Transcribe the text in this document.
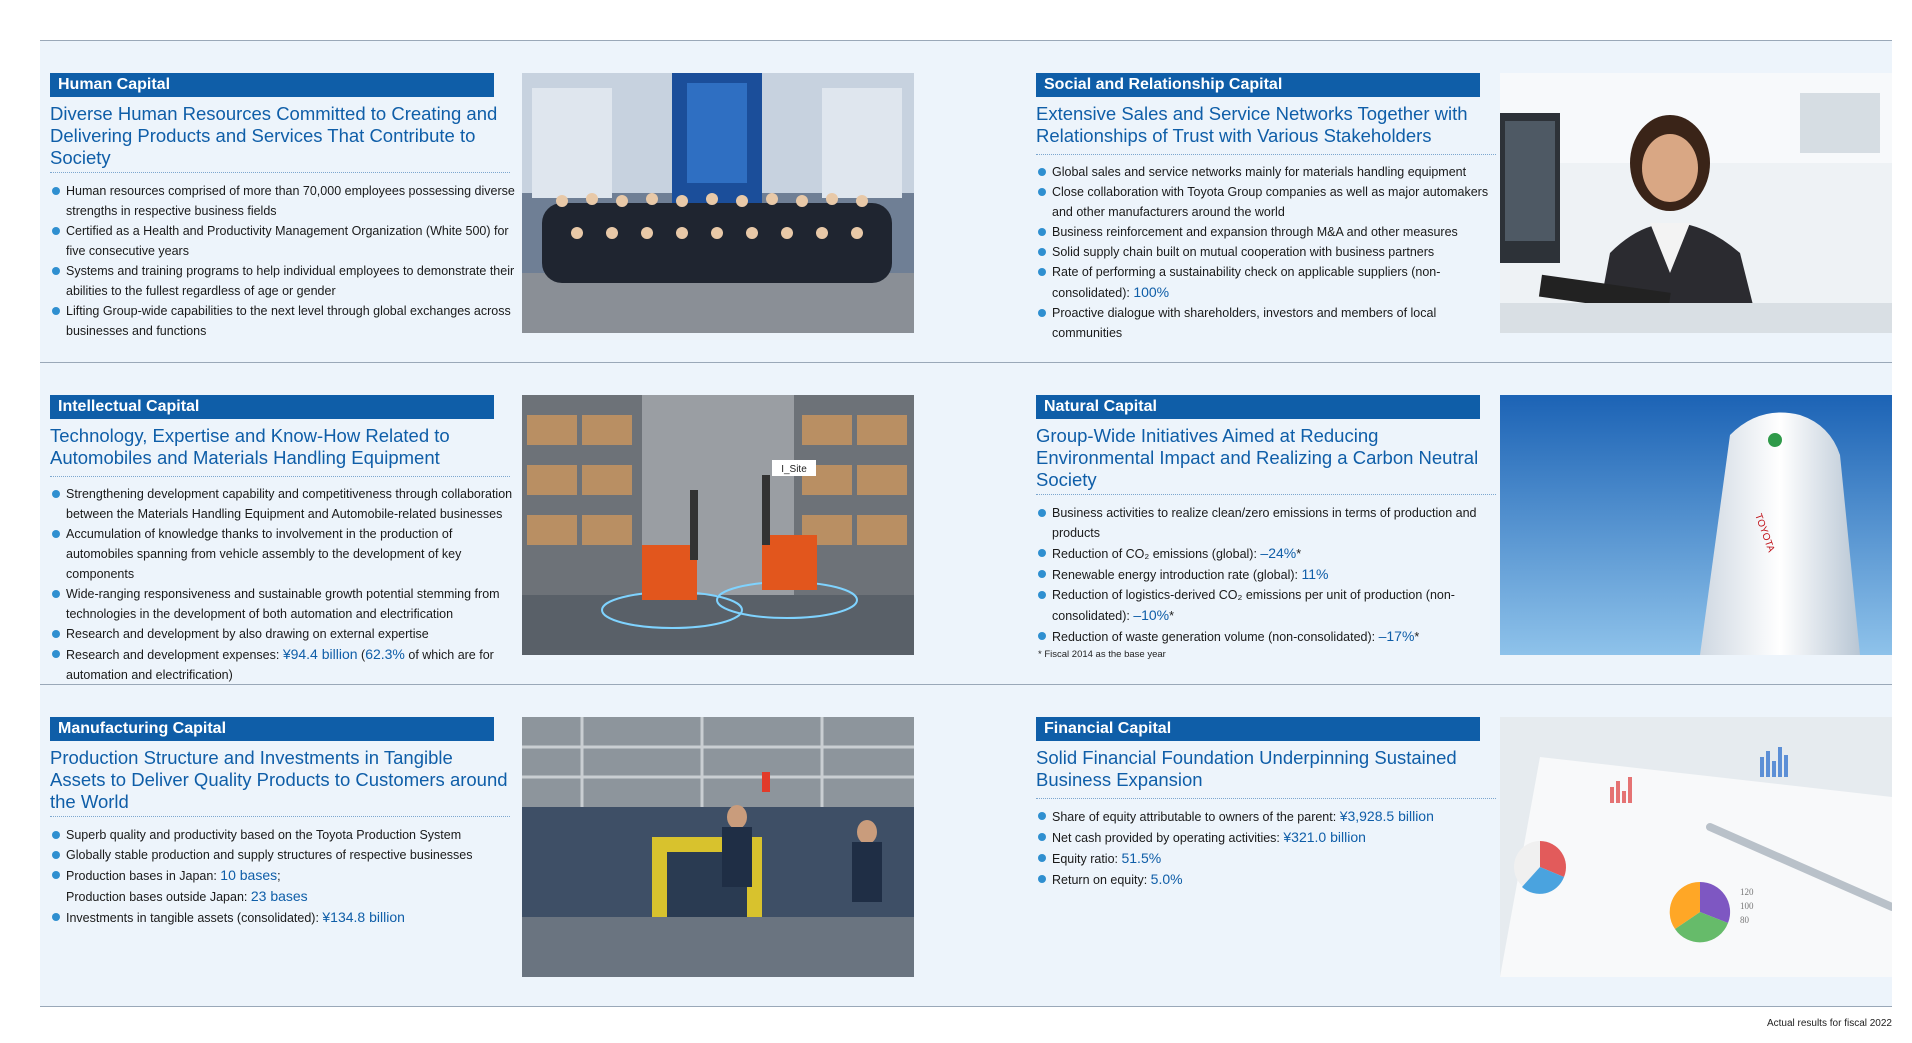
Human Capital
Diverse Human Resources Committed to Creating and Delivering Products and Services That Contribute to Society
Human resources comprised of more than 70,000 employees possessing diverse strengths in respective business fields
Certified as a Health and Productivity Management Organization (White 500) for five consecutive years
Systems and training programs to help individual employees to demonstrate their abilities to the fullest regardless of age or gender
Lifting Group-wide capabilities to the next level through global exchanges across businesses and functions
Social and Relationship Capital
Extensive Sales and Service Networks Together with Relationships of Trust with Various Stakeholders
Global sales and service networks mainly for materials handling equipment
Close collaboration with Toyota Group companies as well as major automakers and other manufacturers around the world
Business reinforcement and expansion through M&A and other measures
Solid supply chain built on mutual cooperation with business partners
Rate of performing a sustainability check on applicable suppliers (non-consolidated): 100%
Proactive dialogue with shareholders, investors and members of local communities
Intellectual Capital
Technology, Expertise and Know-How Related to Automobiles and Materials Handling Equipment
Strengthening development capability and competitiveness through collaboration between the Materials Handling Equipment and Automobile-related businesses
Accumulation of knowledge thanks to involvement in the production of automobiles spanning from vehicle assembly to the development of key components
Wide-ranging responsiveness and sustainable growth potential stemming from technologies in the development of both automation and electrification
Research and development by also drawing on external expertise
Research and development expenses: ¥94.4 billion (62.3% of which are for automation and electrification)
I_Site
Natural Capital
Group-Wide Initiatives Aimed at Reducing Environmental Impact and Realizing a Carbon Neutral Society
Business activities to realize clean/zero emissions in terms of production and products
Reduction of CO₂ emissions (global): –24%*
Renewable energy introduction rate (global): 11%
Reduction of logistics-derived CO₂ emissions per unit of production (non-consolidated): –10%*
Reduction of waste generation volume (non-consolidated): –17%*
* Fiscal 2014 as the base year
TOYOTA
Manufacturing Capital
Production Structure and Investments in Tangible Assets to Deliver Quality Products to Customers around the World
Superb quality and productivity based on the Toyota Production System
Globally stable production and supply structures of respective businesses
Production bases in Japan: 10 bases;
Production bases outside Japan: 23 bases
Investments in tangible assets (consolidated): ¥134.8 billion
Financial Capital
Solid Financial Foundation Underpinning Sustained Business Expansion
Share of equity attributable to owners of the parent: ¥3,928.5 billion
Net cash provided by operating activities: ¥321.0 billion
Equity ratio: 51.5%
Return on equity: 5.0%
120
100
80
Actual results for fiscal 2022
